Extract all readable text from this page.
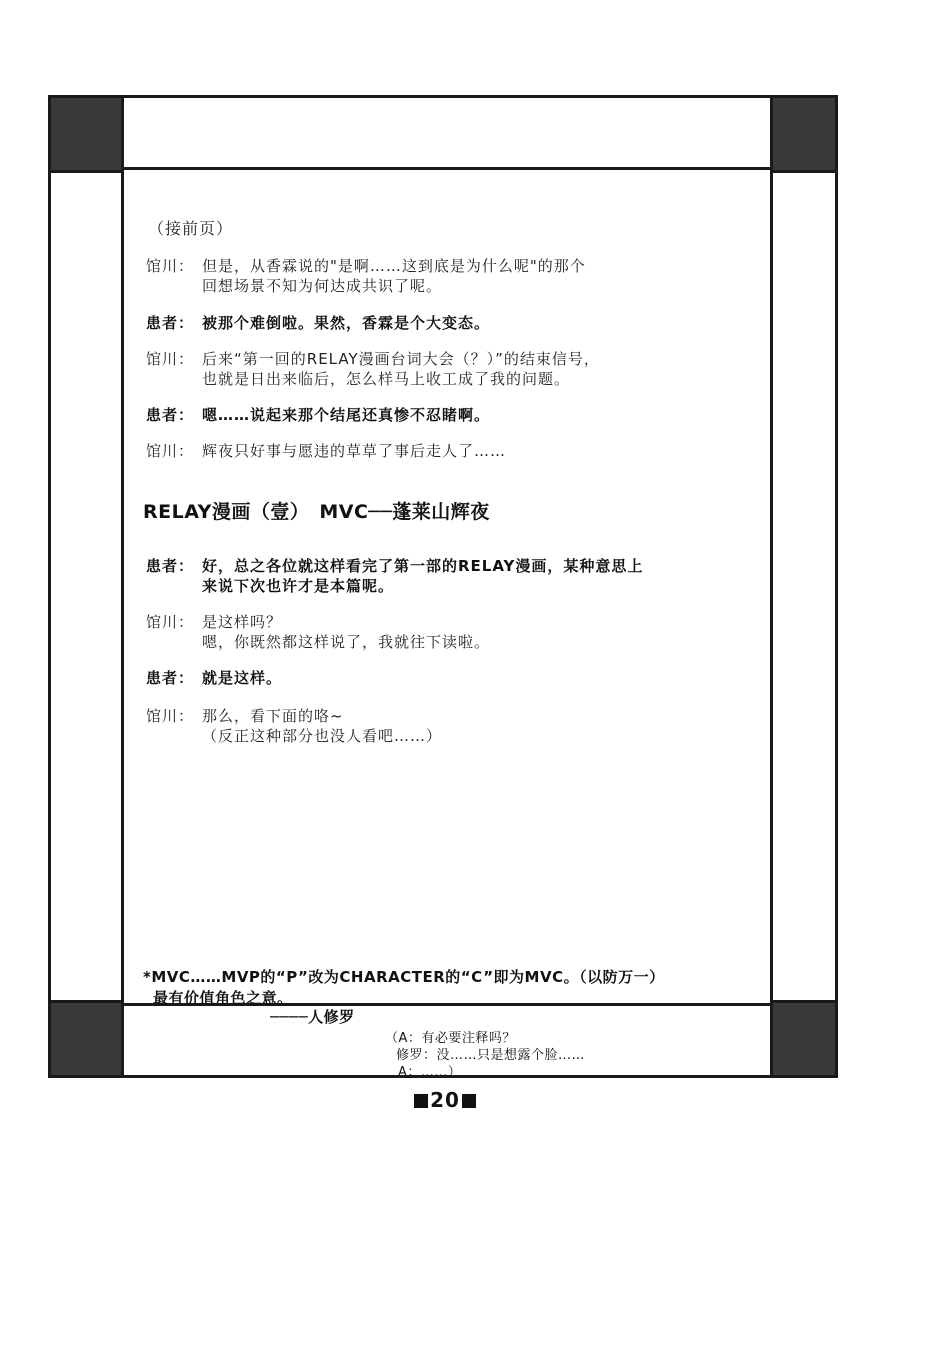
（接前页）
馆川： 但是，从香霖说的"是啊……这到底是为什么呢"的那个
回想场景不知为何达成共识了呢。
患者： 被那个难倒啦。果然，香霖是个大变态。
馆川： 后来“第一回的RELAY漫画台词大会（？）”的结束信号，
也就是日出来临后，怎么样马上收工成了我的问题。
患者： 嗯……说起来那个结尾还真惨不忍睹啊。
馆川： 辉夜只好事与愿违的草草了事后走人了……
RELAY漫画（壹）　MVC──蓬莱山辉夜
患者： 好，总之各位就这样看完了第一部的RELAY漫画，某种意思上
来说下次也许才是本篇呢。
馆川： 是这样吗？
嗯，你既然都这样说了，我就往下读啦。
患者： 就是这样。
馆川： 那么，看下面的咯~
（反正这种部分也没人看吧……）
*MVC……MVP的“P”改为CHARACTER的“C”即为MVC。（以防万一）
最有价值角色之意。
────人修罗
（A：有必要注释吗？
修罗：没……只是想露个脸……
A：……）
20
